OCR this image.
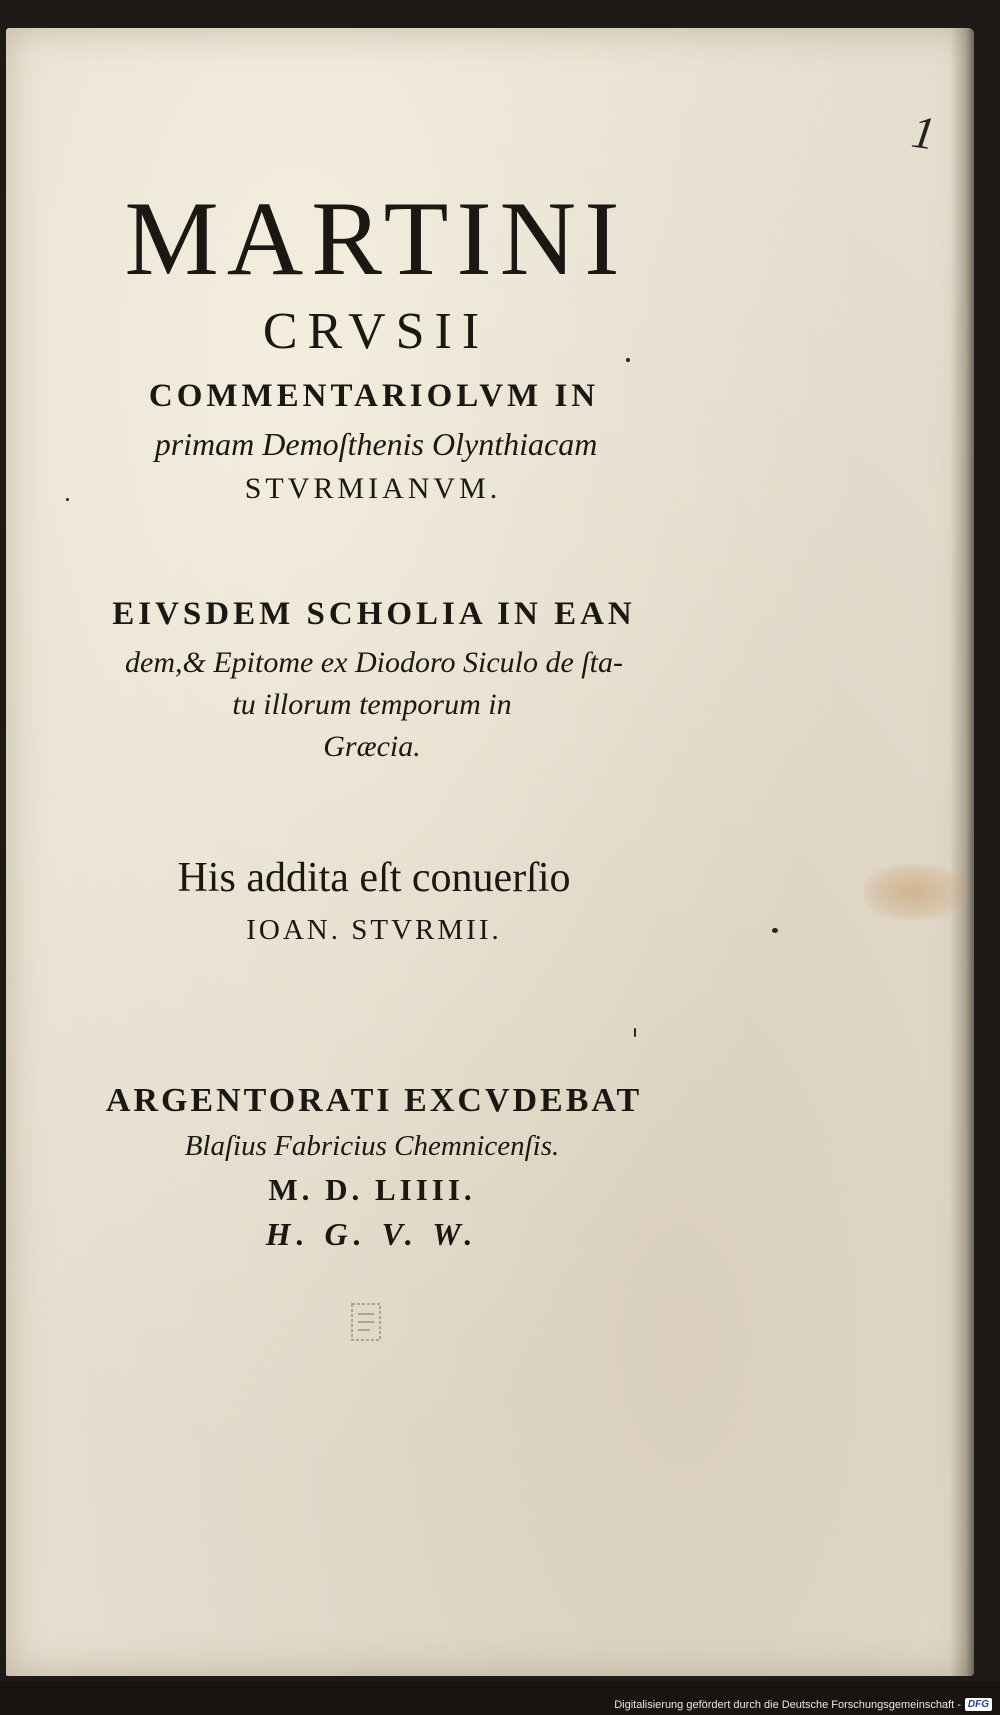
1
MARTINI
CRVSII
COMMENTARIOLVM IN
primam Demoſthenis Olynthiacam
STVRMIANVM.
EIVSDEM SCHOLIA IN EAN
dem,& Epitome ex Diodoro Siculo de ſta-
tu illorum temporum in
Græcia.
His addita eſt conuerſio
IOAN. STVRMII.
ARGENTORATI EXCVDEBAT
Blaſius Fabricius Chemnicenſis.
M. D. LIIII.
H. G. V. W.
Digitalisierung gefördert durch die Deutsche Forschungsgemeinschaft - DFG
